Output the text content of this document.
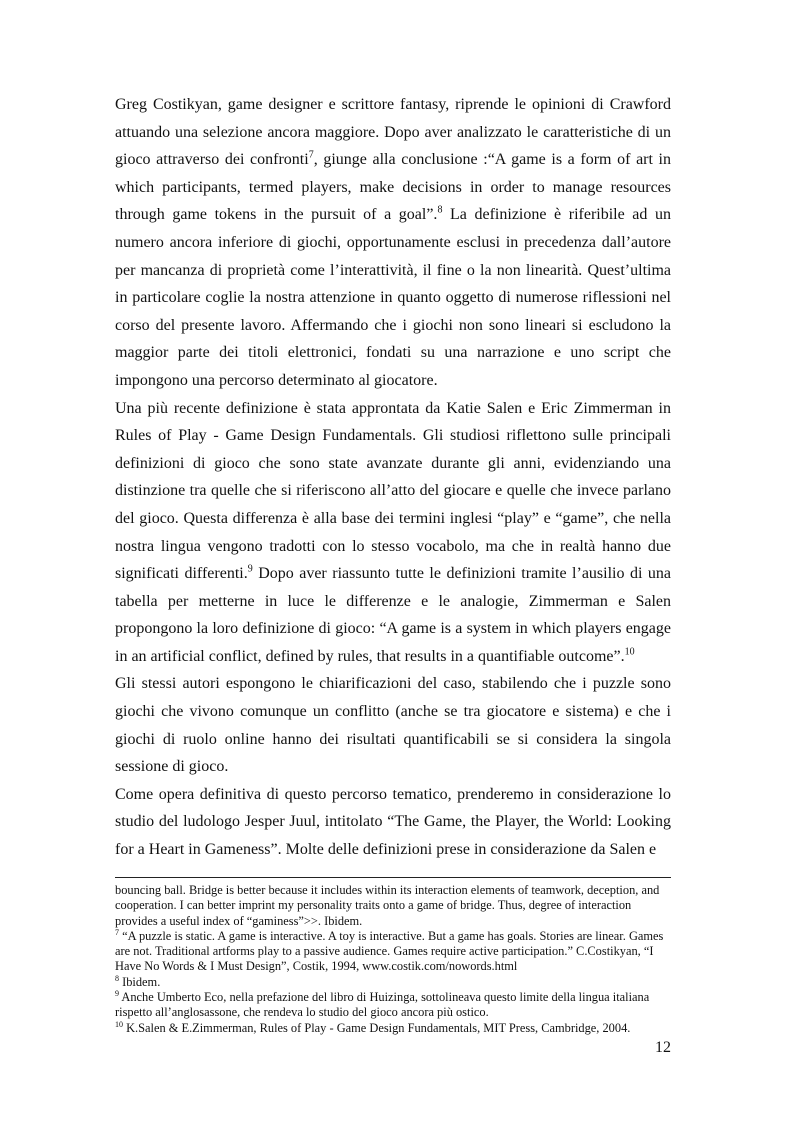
Greg Costikyan, game designer e scrittore fantasy, riprende le opinioni di Crawford attuando una selezione ancora maggiore. Dopo aver analizzato le caratteristiche di un gioco attraverso dei confronti$^7$, giunge alla conclusione :“A game is a form of art in which participants, termed players, make decisions in order to manage resources through game tokens in the pursuit of a goal”.$^8$ La definizione è riferibile ad un numero ancora inferiore di giochi, opportunamente esclusi in precedenza dall’autore per mancanza di proprietà come l’interattività, il fine o la non linearità. Quest’ultima in particolare coglie la nostra attenzione in quanto oggetto di numerose riflessioni nel corso del presente lavoro. Affermando che i giochi non sono lineari si escludono la maggior parte dei titoli elettronici, fondati su una narrazione e uno script che impongono una percorso determinato al giocatore.

Una più recente definizione è stata approntata da Katie Salen e Eric Zimmerman in Rules of Play - Game Design Fundamentals. Gli studiosi riflettono sulle principali definizioni di gioco che sono state avanzate durante gli anni, evidenziando una distinzione tra quelle che si riferiscono all’atto del giocare e quelle che invece parlano del gioco. Questa differenza è alla base dei termini inglesi “play” e “game”, che nella nostra lingua vengono tradotti con lo stesso vocabolo, ma che in realtà hanno due significati differenti.$^9$ Dopo aver riassunto tutte le definizioni tramite l’ausilio di una tabella per metterne in luce le differenze e le analogie, Zimmerman e Salen propongono la loro definizione di gioco: “A game is a system in which players engage in an artificial conflict, defined by rules, that results in a quantifiable outcome”.$^{10}$

Gli stessi autori espongono le chiarificazioni del caso, stabilendo che i puzzle sono giochi che vivono comunque un conflitto (anche se tra giocatore e sistema) e che i giochi di ruolo online hanno dei risultati quantificabili se si considera la singola sessione di gioco.

Come opera definitiva di questo percorso tematico, prenderemo in considerazione lo studio del ludologo Jesper Juul, intitolato “The Game, the Player, the World: Looking for a Heart in Gameness”. Molte delle definizioni prese in considerazione da Salen e

bouncing ball. Bridge is better because it includes within its interaction elements of teamwork, deception, and cooperation. I can better imprint my personality traits onto a game of bridge. Thus, degree of interaction provides a useful index of “gaminess”>>. Ibidem.

$^7$ “A puzzle is static. A game is interactive. A toy is interactive. But a game has goals. Stories are linear. Games are not. Traditional artforms play to a passive audience. Games require active participation.” C.Costikyan, “I Have No Words & I Must Design”, Costik, 1994, www.costik.com/nowords.html

$^8$ Ibidem.

$^9$ Anche Umberto Eco, nella prefazione del libro di Huizinga, sottolineava questo limite della lingua italiana rispetto all’anglosassone, che rendeva lo studio del gioco ancora più ostico.

$^{10}$ K.Salen & E.Zimmerman, Rules of Play - Game Design Fundamentals, MIT Press, Cambridge, 2004.

12
